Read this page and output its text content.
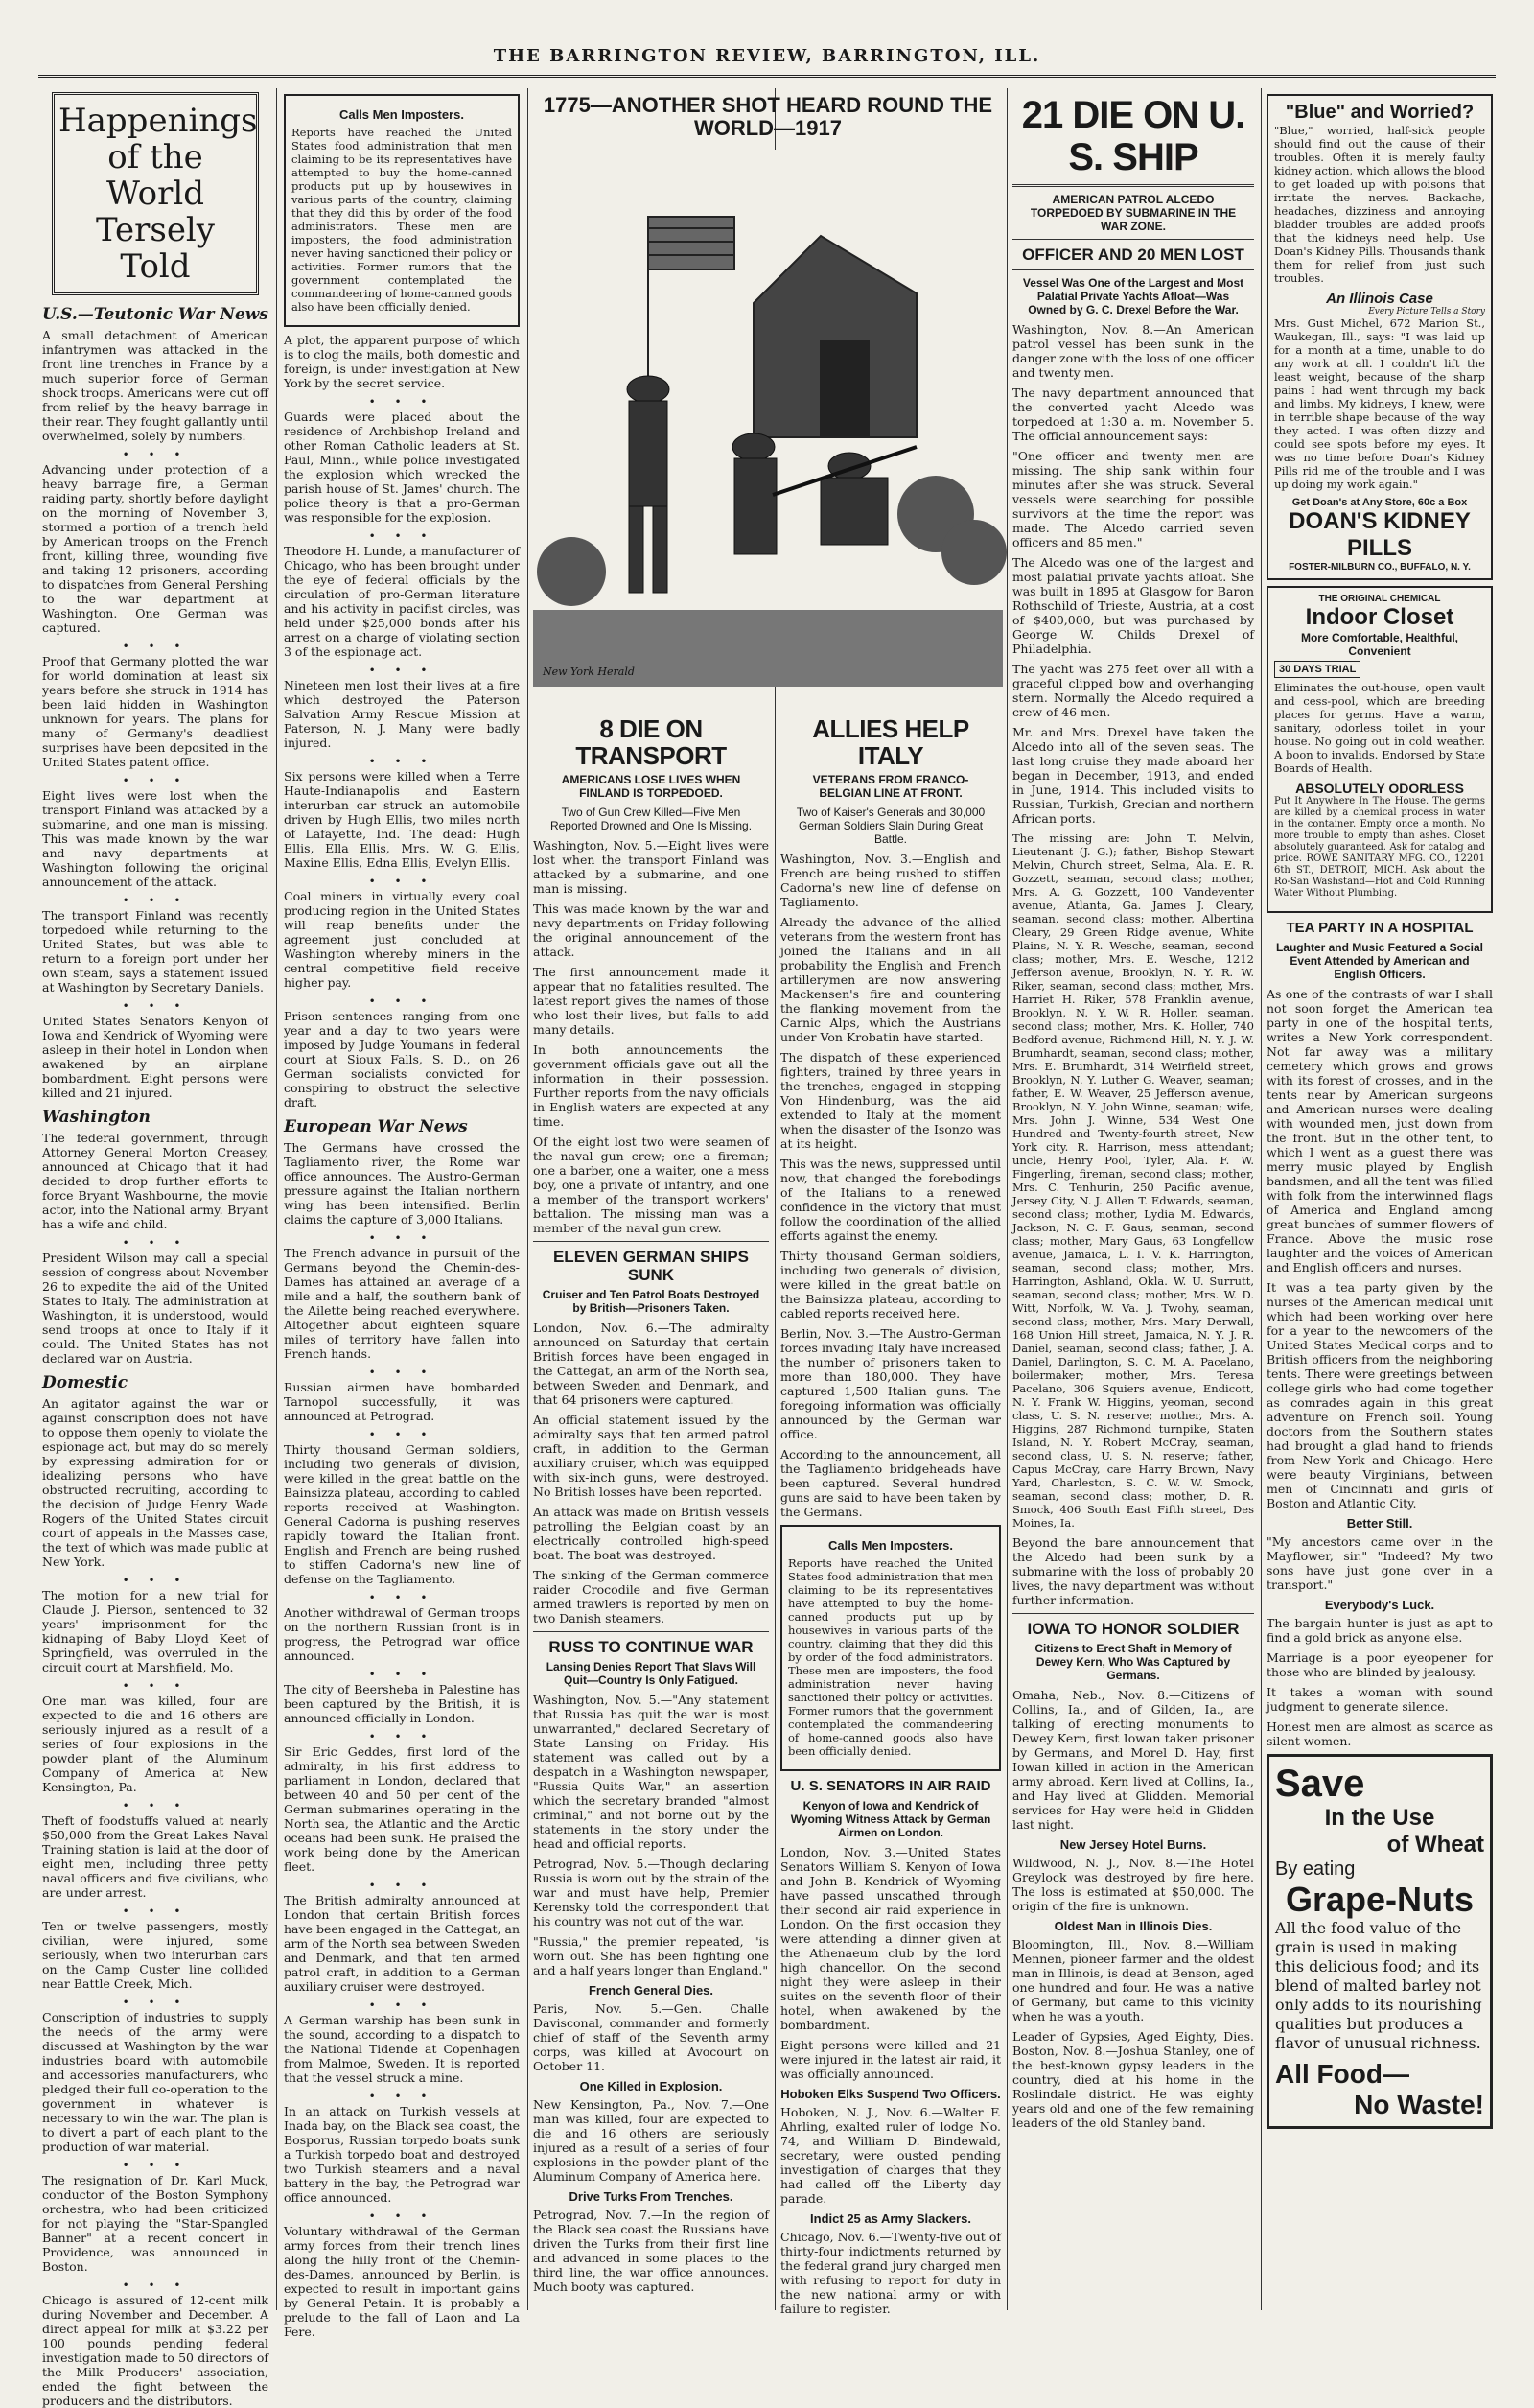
THE BARRINGTON REVIEW, BARRINGTON, ILL.
Happenings of the World Tersely Told
U.S.—Teutonic War News

A small detachment of American infantrymen was attacked in the front line trenches in France by a much superior force of German shock troops. Americans were cut off from relief by the heavy barrage in their rear. They fought gallantly until overwhelmed, solely by numbers.

• • •

Advancing under protection of a heavy barrage fire, a German raiding party, shortly before daylight on the morning of November 3, stormed a portion of a trench held by American troops on the French front, killing three, wounding five and taking 12 prisoners, according to dispatches from General Pershing to the war department at Washington. One German was captured.

• • •

Proof that Germany plotted the war for world domination at least six years before she struck in 1914 has been laid hidden in Washington unknown for years. The plans for many of Germany's deadliest surprises have been deposited in the United States patent office.

• • •

Eight lives were lost when the transport Finland was attacked by a submarine, and one man is missing. This was made known by the war and navy departments at Washington following the original announcement of the attack.

• • •

The transport Finland was recently torpedoed while returning to the United States, but was able to return to a foreign port under her own steam, says a statement issued at Washington by Secretary Daniels.

• • •

United States Senators Kenyon of Iowa and Kendrick of Wyoming were asleep in their hotel in London when awakened by an airplane bombardment. Eight persons were killed and 21 injured.

Washington

The federal government, through Attorney General Morton Creasey, announced at Chicago that it had decided to drop further efforts to force Bryant Washbourne, the movie actor, into the National army. Bryant has a wife and child.

• • •

President Wilson may call a special session of congress about November 26 to expedite the aid of the United States to Italy. The administration at Washington, it is understood, would send troops at once to Italy if it could. The United States has not declared war on Austria.

Domestic

An agitator against the war or against conscription does not have to oppose them openly to violate the espionage act, but may do so merely by expressing admiration for or idealizing persons who have obstructed recruiting, according to the decision of Judge Henry Wade Rogers of the United States circuit court of appeals in the Masses case, the text of which was made public at New York.

• • •

The motion for a new trial for Claude J. Pierson, sentenced to 32 years' imprisonment for the kidnaping of Baby Lloyd Keet of Springfield, was overruled in the circuit court at Marshfield, Mo.

• • •

One man was killed, four are expected to die and 16 others are seriously injured as a result of a series of four explosions in the powder plant of the Aluminum Company of America at New Kensington, Pa.

• • •

Theft of foodstuffs valued at nearly $50,000 from the Great Lakes Naval Training station is laid at the door of eight men, including three petty naval officers and five civilians, who are under arrest.

• • •

Ten or twelve passengers, mostly civilian, were injured, some seriously, when two interurban cars on the Camp Custer line collided near Battle Creek, Mich.

• • •

Conscription of industries to supply the needs of the army were discussed at Washington by the war industries board with automobile and accessories manufacturers, who pledged their full co-operation to the government in whatever is necessary to win the war. The plan is to divert a part of each plant to the production of war material.

• • •

The resignation of Dr. Karl Muck, conductor of the Boston Symphony orchestra, who had been criticized for not playing the "Star-Spangled Banner" at a recent concert in Providence, was announced in Boston.

• • •

Chicago is assured of 12-cent milk during November and December. A direct appeal for milk at $3.22 per 100 pounds pending federal investigation made to 50 directors of the Milk Producers' association, ended the fight between the producers and the distributors.

Calls Men Imposters.

Reports have reached the United States food administration that men claiming to be its representatives have attempted to buy the home-canned products put up by housewives in various parts of the country, claiming that they did this by order of the food administrators. These men are imposters, the food administration never having sanctioned their policy or activities. Former rumors that the government contemplated the commandeering of home-canned goods also have been officially denied.

A plot, the apparent purpose of which is to clog the mails, both domestic and foreign, is under investigation at New York by the secret service.

• • •

Guards were placed about the residence of Archbishop Ireland and other Roman Catholic leaders at St. Paul, Minn., while police investigated the explosion which wrecked the parish house of St. James' church. The police theory is that a pro-German was responsible for the explosion.

• • •

Theodore H. Lunde, a manufacturer of Chicago, who has been brought under the eye of federal officials by the circulation of pro-German literature and his activity in pacifist circles, was held under $25,000 bonds after his arrest on a charge of violating section 3 of the espionage act.

• • •

Nineteen men lost their lives at a fire which destroyed the Paterson Salvation Army Rescue Mission at Paterson, N. J. Many were badly injured.

• • •

Six persons were killed when a Terre Haute-Indianapolis and Eastern interurban car struck an automobile driven by Hugh Ellis, two miles north of Lafayette, Ind. The dead: Hugh Ellis, Ella Ellis, Mrs. W. G. Ellis, Maxine Ellis, Edna Ellis, Evelyn Ellis.

• • •

Coal miners in virtually every coal producing region in the United States will reap benefits under the agreement just concluded at Washington whereby miners in the central competitive field receive higher pay.

• • •

Prison sentences ranging from one year and a day to two years were imposed by Judge Youmans in federal court at Sioux Falls, S. D., on 26 German socialists convicted for conspiring to obstruct the selective draft.

European War News

The Germans have crossed the Tagliamento river, the Rome war office announces. The Austro-German pressure against the Italian northern wing has been intensified. Berlin claims the capture of 3,000 Italians.

• • •

The French advance in pursuit of the Germans beyond the Chemin-des-Dames has attained an average of a mile and a half, the southern bank of the Ailette being reached everywhere. Altogether about eighteen square miles of territory have fallen into French hands.

• • •

Russian airmen have bombarded Tarnopol successfully, it was announced at Petrograd.

• • •

Thirty thousand German soldiers, including two generals of division, were killed in the great battle on the Bainsizza plateau, according to cabled reports received at Washington. General Cadorna is pushing reserves rapidly toward the Italian front. English and French are being rushed to stiffen Cadorna's new line of defense on the Tagliamento.

• • •

Another withdrawal of German troops on the northern Russian front is in progress, the Petrograd war office announced.

• • •

The city of Beersheba in Palestine has been captured by the British, it is announced officially in London.

• • •

Sir Eric Geddes, first lord of the admiralty, in his first address to parliament in London, declared that between 40 and 50 per cent of the German submarines operating in the North sea, the Atlantic and the Arctic oceans had been sunk. He praised the work being done by the American fleet.

• • •

The British admiralty announced at London that certain British forces have been engaged in the Cattegat, an arm of the North sea between Sweden and Denmark, and that ten armed patrol craft, in addition to a German auxiliary cruiser were destroyed.

• • •

A German warship has been sunk in the sound, according to a dispatch to the National Tidende at Copenhagen from Malmoe, Sweden. It is reported that the vessel struck a mine.

• • •

In an attack on Turkish vessels at Inada bay, on the Black sea coast, the Bosporus, Russian torpedo boats sunk a Turkish torpedo boat and destroyed two Turkish steamers and a naval battery in the bay, the Petrograd war office announced.

• • •

Voluntary withdrawal of the German army forces from their trench lines along the hilly front of the Chemin-des-Dames, announced by Berlin, is expected to result in important gains by General Petain. It is probably a prelude to the fall of Laon and La Fere.

1775—ANOTHER SHOT HEARD ROUND THE WORLD—1917
New York Herald
8 DIE ON TRANSPORT
AMERICANS LOSE LIVES WHEN FINLAND IS TORPEDOED.
Two of Gun Crew Killed—Five Men Reported Drowned and One Is Missing.

Washington, Nov. 5.—Eight lives were lost when the transport Finland was attacked by a submarine, and one man is missing.

This was made known by the war and navy departments on Friday following the original announcement of the attack.

The first announcement made it appear that no fatalities resulted. The latest report gives the names of those who lost their lives, but falls to add many details.

In both announcements the government officials gave out all the information in their possession. Further reports from the navy officials in English waters are expected at any time.

Of the eight lost two were seamen of the naval gun crew; one a fireman; one a barber, one a waiter, one a mess boy, one a private of infantry, and one a member of the transport workers' battalion. The missing man was a member of the naval gun crew.

ELEVEN GERMAN SHIPS SUNK
Cruiser and Ten Patrol Boats Destroyed by British—Prisoners Taken.

London, Nov. 6.—The admiralty announced on Saturday that certain British forces have been engaged in the Cattegat, an arm of the North sea, between Sweden and Denmark, and that 64 prisoners were captured.

An official statement issued by the admiralty says that ten armed patrol craft, in addition to the German auxiliary cruiser, which was equipped with six-inch guns, were destroyed. No British losses have been reported.

An attack was made on British vessels patrolling the Belgian coast by an electrically controlled high-speed boat. The boat was destroyed.

The sinking of the German commerce raider Crocodile and five German armed trawlers is reported by men on two Danish steamers.

RUSS TO CONTINUE WAR
Lansing Denies Report That Slavs Will Quit—Country Is Only Fatigued.

Washington, Nov. 5.—"Any statement that Russia has quit the war is most unwarranted," declared Secretary of State Lansing on Friday. His statement was called out by a despatch in a Washington newspaper, "Russia Quits War," an assertion which the secretary branded "almost criminal," and not borne out by the statements in the story under the head and official reports.

Petrograd, Nov. 5.—Though declaring Russia is worn out by the strain of the war and must have help, Premier Kerensky told the correspondent that his country was not out of the war.

"Russia," the premier repeated, "is worn out. She has been fighting one and a half years longer than England."

French General Dies.

Paris, Nov. 5.—Gen. Challe Davisconal, commander and formerly chief of staff of the Seventh army corps, was killed at Avocourt on October 11.

One Killed in Explosion.

New Kensington, Pa., Nov. 7.—One man was killed, four are expected to die and 16 others are seriously injured as a result of a series of four explosions in the powder plant of the Aluminum Company of America here.

Drive Turks From Trenches.

Petrograd, Nov. 7.—In the region of the Black sea coast the Russians have driven the Turks from their first line and advanced in some places to the third line, the war office announces. Much booty was captured.

ALLIES HELP ITALY
VETERANS FROM FRANCO-BELGIAN LINE AT FRONT.
Two of Kaiser's Generals and 30,000 German Soldiers Slain During Great Battle.

Washington, Nov. 3.—English and French are being rushed to stiffen Cadorna's new line of defense on Tagliamento.

Already the advance of the allied veterans from the western front has joined the Italians and in all probability the English and French artillerymen are now answering Mackensen's fire and countering the flanking movement from the Carnic Alps, which the Austrians under Von Krobatin have started.

The dispatch of these experienced fighters, trained by three years in the trenches, engaged in stopping Von Hindenburg, was the aid extended to Italy at the moment when the disaster of the Isonzo was at its height.

This was the news, suppressed until now, that changed the forebodings of the Italians to a renewed confidence in the victory that must follow the coordination of the allied efforts against the enemy.

Thirty thousand German soldiers, including two generals of division, were killed in the great battle on the Bainsizza plateau, according to cabled reports received here.

Berlin, Nov. 3.—The Austro-German forces invading Italy have increased the number of prisoners taken to more than 180,000. They have captured 1,500 Italian guns. The foregoing information was officially announced by the German war office.

According to the announcement, all the Tagliamento bridgeheads have been captured. Several hundred guns are said to have been taken by the Germans.

Calls Men Imposters.

Reports have reached the United States food administration that men claiming to be its representatives have attempted to buy the home-canned products put up by housewives in various parts of the country, claiming that they did this by order of the food administrators. These men are imposters, the food administration never having sanctioned their policy or activities. Former rumors that the government contemplated the commandeering of home-canned goods also have been officially denied.

U. S. SENATORS IN AIR RAID
Kenyon of Iowa and Kendrick of Wyoming Witness Attack by German Airmen on London.

London, Nov. 3.—United States Senators William S. Kenyon of Iowa and John B. Kendrick of Wyoming have passed unscathed through their second air raid experience in London. On the first occasion they were attending a dinner given at the Athenaeum club by the lord high chancellor. On the second night they were asleep in their suites on the seventh floor of their hotel, when awakened by the bombardment.

Eight persons were killed and 21 were injured in the latest air raid, it was officially announced.

Hoboken Elks Suspend Two Officers.

Hoboken, N. J., Nov. 6.—Walter F. Ahrling, exalted ruler of lodge No. 74, and William D. Bindewald, secretary, were ousted pending investigation of charges that they had called off the Liberty day parade.

Indict 25 as Army Slackers.

Chicago, Nov. 6.—Twenty-five out of thirty-four indictments returned by the federal grand jury charged men with refusing to report for duty in the new national army or with failure to register.

21 DIE ON U. S. SHIP
AMERICAN PATROL ALCEDO TORPEDOED BY SUBMARINE IN THE WAR ZONE.
OFFICER AND 20 MEN LOST
Vessel Was One of the Largest and Most Palatial Private Yachts Afloat—Was Owned by G. C. Drexel Before the War.

Washington, Nov. 8.—An American patrol vessel has been sunk in the danger zone with the loss of one officer and twenty men.

The navy department announced that the converted yacht Alcedo was torpedoed at 1:30 a. m. November 5. The official announcement says:

"One officer and twenty men are missing. The ship sank within four minutes after she was struck. Several vessels were searching for possible survivors at the time the report was made. The Alcedo carried seven officers and 85 men."

The Alcedo was one of the largest and most palatial private yachts afloat. She was built in 1895 at Glasgow for Baron Rothschild of Trieste, Austria, at a cost of $400,000, but was purchased by George W. Childs Drexel of Philadelphia.

The yacht was 275 feet over all with a graceful clipped bow and overhanging stern. Normally the Alcedo required a crew of 46 men.

Mr. and Mrs. Drexel have taken the Alcedo into all of the seven seas. The last long cruise they made aboard her began in December, 1913, and ended in June, 1914. This included visits to Russian, Turkish, Grecian and northern African ports.

The missing are: John T. Melvin, Lieutenant (J. G.); father, Bishop Stewart Melvin, Church street, Selma, Ala. E. R. Gozzett, seaman, second class; mother, Mrs. A. G. Gozzett, 100 Vandeventer avenue, Atlanta, Ga. James J. Cleary, seaman, second class; mother, Albertina Cleary, 29 Green Ridge avenue, White Plains, N. Y. R. Wesche, seaman, second class; mother, Mrs. E. Wesche, 1212 Jefferson avenue, Brooklyn, N. Y. R. W. Riker, seaman, second class; mother, Mrs. Harriet H. Riker, 578 Franklin avenue, Brooklyn, N. Y. W. R. Holler, seaman, second class; mother, Mrs. K. Holler, 740 Bedford avenue, Richmond Hill, N. Y. J. W. Brumhardt, seaman, second class; mother, Mrs. E. Brumhardt, 314 Weirfield street, Brooklyn, N. Y. Luther G. Weaver, seaman; father, E. W. Weaver, 25 Jefferson avenue, Brooklyn, N. Y. John Winne, seaman; wife, Mrs. John J. Winne, 534 West One Hundred and Twenty-fourth street, New York city. R. Harrison, mess attendant; uncle, Henry Pool, Tyler, Ala. F. W. Fingerling, fireman, second class; mother, Mrs. C. Tenhurin, 250 Pacific avenue, Jersey City, N. J. Allen T. Edwards, seaman, second class; mother, Lydia M. Edwards, Jackson, N. C. F. Gaus, seaman, second class; mother, Mary Gaus, 63 Longfellow avenue, Jamaica, L. I. V. K. Harrington, seaman, second class; mother, Mrs. Harrington, Ashland, Okla. W. U. Surrutt, seaman, second class; mother, Mrs. W. D. Witt, Norfolk, W. Va. J. Twohy, seaman, second class; mother, Mrs. Mary Derwall, 168 Union Hill street, Jamaica, N. Y. J. R. Daniel, seaman, second class; father, J. A. Daniel, Darlington, S. C. M. A. Pacelano, boilermaker; mother, Mrs. Teresa Pacelano, 306 Squiers avenue, Endicott, N. Y. Frank W. Higgins, yeoman, second class, U. S. N. reserve; mother, Mrs. A. Higgins, 287 Richmond turnpike, Staten Island, N. Y. Robert McCray, seaman, second class, U. S. N. reserve; father, Capus McCray, care Harry Brown, Navy Yard, Charleston, S. C. W. W. Smock, seaman, second class; mother, D. R. Smock, 406 South East Fifth street, Des Moines, Ia.

Beyond the bare announcement that the Alcedo had been sunk by a submarine with the loss of probably 20 lives, the navy department was without further information.

IOWA TO HONOR SOLDIER
Citizens to Erect Shaft in Memory of Dewey Kern, Who Was Captured by Germans.

Omaha, Neb., Nov. 8.—Citizens of Collins, Ia., and of Gilden, Ia., are talking of erecting monuments to Dewey Kern, first Iowan taken prisoner by Germans, and Morel D. Hay, first Iowan killed in action in the American army abroad. Kern lived at Collins, Ia., and Hay lived at Glidden. Memorial services for Hay were held in Glidden last night.

New Jersey Hotel Burns.

Wildwood, N. J., Nov. 8.—The Hotel Greylock was destroyed by fire here. The loss is estimated at $50,000. The origin of the fire is unknown.

Oldest Man in Illinois Dies.

Bloomington, Ill., Nov. 8.—William Mennen, pioneer farmer and the oldest man in Illinois, is dead at Benson, aged one hundred and four. He was a native of Germany, but came to this vicinity when he was a youth.

Leader of Gypsies, Aged Eighty, Dies. Boston, Nov. 8.—Joshua Stanley, one of the best-known gypsy leaders in the country, died at his home in the Roslindale district. He was eighty years old and one of the few remaining leaders of the old Stanley band.

"Blue" and Worried?

"Blue," worried, half-sick people should find out the cause of their troubles. Often it is merely faulty kidney action, which allows the blood to get loaded up with poisons that irritate the nerves. Backache, headaches, dizziness and annoying bladder troubles are added proofs that the kidneys need help. Use Doan's Kidney Pills. Thousands thank them for relief from just such troubles.

An Illinois Case
Every Picture Tells a Story

Mrs. Gust Michel, 672 Marion St., Waukegan, Ill., says: "I was laid up for a month at a time, unable to do any work at all. I couldn't lift the least weight, because of the sharp pains I had went through my back and limbs. My kidneys, I knew, were in terrible shape because of the way they acted. I was often dizzy and could see spots before my eyes. It was no time before Doan's Kidney Pills rid me of the trouble and I was up doing my work again."

Get Doan's at Any Store, 60c a Box
DOAN'S KIDNEY PILLS
FOSTER-MILBURN CO., BUFFALO, N. Y.
THE ORIGINAL CHEMICAL
Indoor Closet
More Comfortable, Healthful, Convenient
30 DAYS TRIAL

Eliminates the out-house, open vault and cess-pool, which are breeding places for germs. Have a warm, sanitary, odorless toilet in your house. No going out in cold weather. A boon to invalids. Endorsed by State Boards of Health.

ABSOLUTELY ODORLESS

Put It Anywhere In The House. The germs are killed by a chemical process in water in the container. Empty once a month. No more trouble to empty than ashes. Closet absolutely guaranteed. Ask for catalog and price. ROWE SANITARY MFG. CO., 12201 6th ST., DETROIT, MICH. Ask about the Ro-San Washstand—Hot and Cold Running Water Without Plumbing.

TEA PARTY IN A HOSPITAL
Laughter and Music Featured a Social Event Attended by American and English Officers.

As one of the contrasts of war I shall not soon forget the American tea party in one of the hospital tents, writes a New York correspondent. Not far away was a military cemetery which grows and grows with its forest of crosses, and in the tents near by American surgeons and American nurses were dealing with wounded men, just down from the front. But in the other tent, to which I went as a guest there was merry music played by English bandsmen, and all the tent was filled with folk from the interwinned flags of America and England among great bunches of summer flowers of France. Above the music rose laughter and the voices of American and English officers and nurses.

It was a tea party given by the nurses of the American medical unit which had been working over here for a year to the newcomers of the United States Medical corps and to British officers from the neighboring tents. There were greetings between college girls who had come together as comrades again in this great adventure on French soil. Young doctors from the Southern states had brought a glad hand to friends from New York and Chicago. Here were beauty Virginians, between men of Cincinnati and girls of Boston and Atlantic City.

Better Still.

"My ancestors came over in the Mayflower, sir." "Indeed? My two sons have just gone over in a transport."

Everybody's Luck.

The bargain hunter is just as apt to find a gold brick as anyone else.

Marriage is a poor eyeopener for those who are blinded by jealousy.

It takes a woman with sound judgment to generate silence.

Honest men are almost as scarce as silent women.

Save
In the Use
of Wheat
By eating
Grape-Nuts

All the food value of the grain is used in making this delicious food; and its blend of malted barley not only adds to its nourishing qualities but produces a flavor of unusual richness.

All Food—
No Waste!
